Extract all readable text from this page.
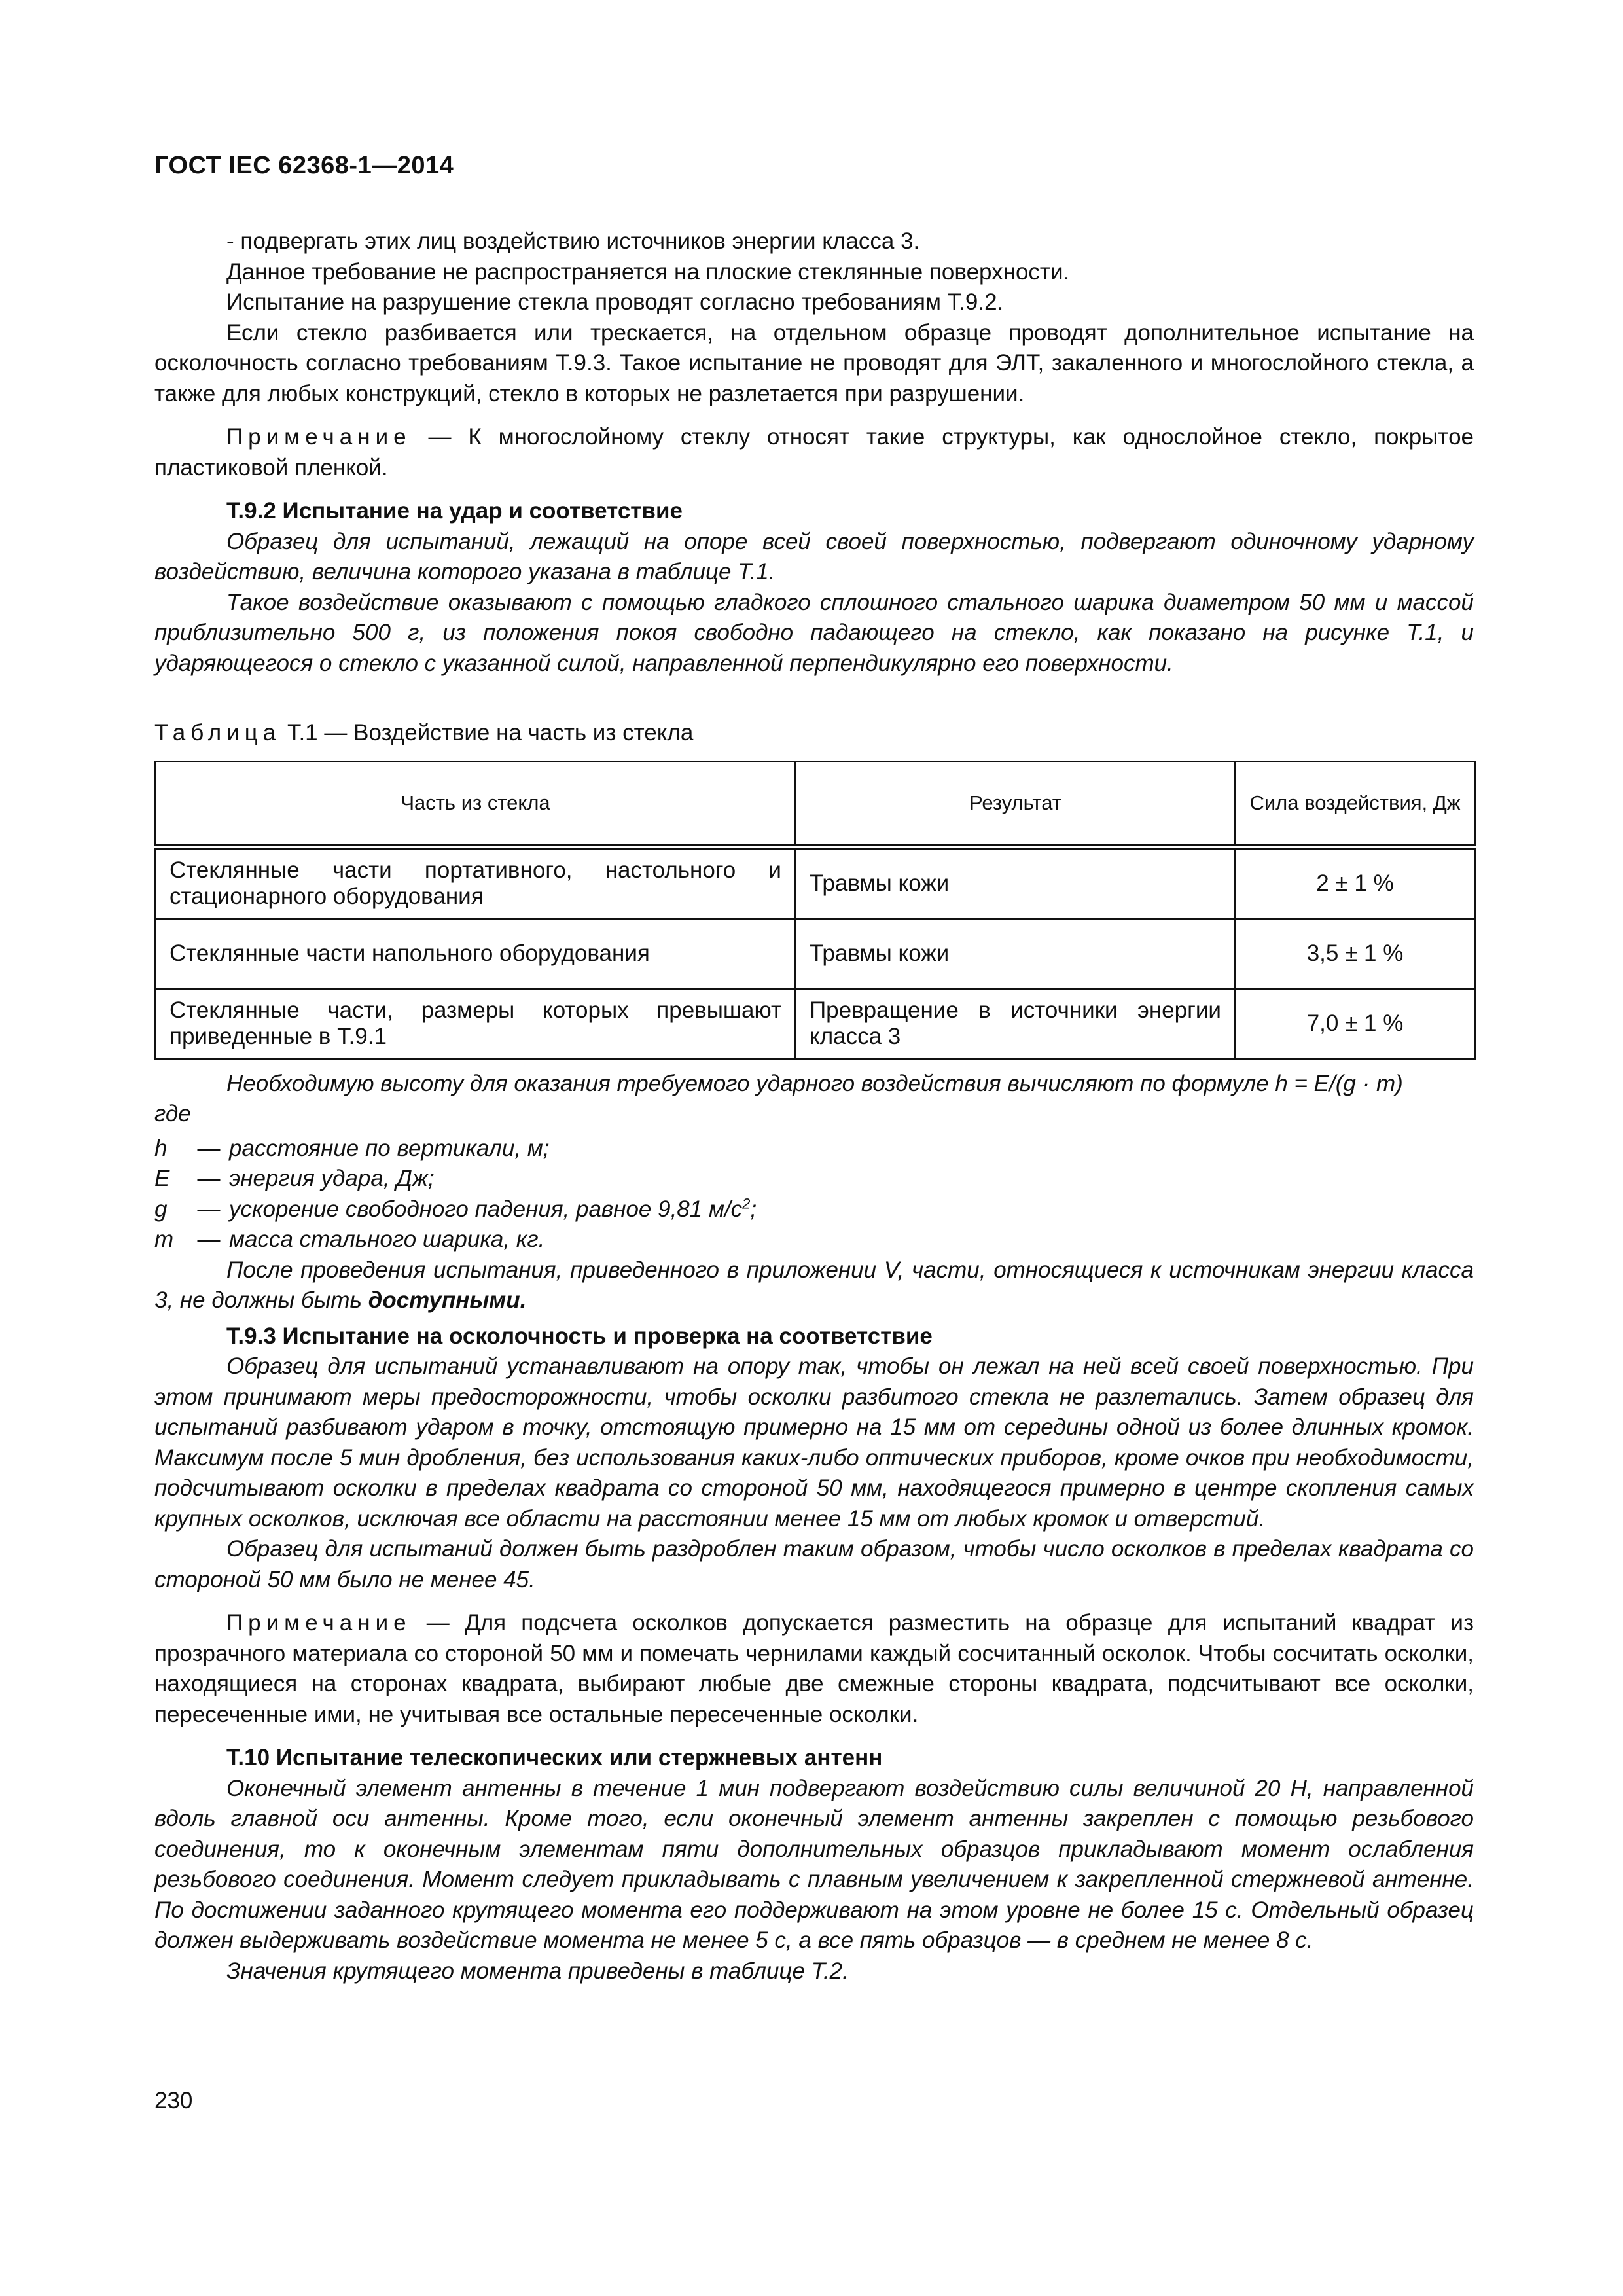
ГОСТ IEC 62368-1—2014

- подвергать этих лиц воздействию источников энергии класса 3.

Данное требование не распространяется на плоские стеклянные поверхности.

Испытание на разрушение стекла проводят согласно требованиям Т.9.2.

Если стекло разбивается или трескается, на отдельном образце проводят дополнительное испытание на осколочность согласно требованиям Т.9.3. Такое испытание не проводят для ЭЛТ, закаленного и многослойного стекла, а также для любых конструкций, стекло в которых не разлетается при разрушении.

Примечание — К многослойному стеклу относят такие структуры, как однослойное стекло, покрытое пластиковой пленкой.

Т.9.2 Испытание на удар и соответствие

Образец для испытаний, лежащий на опоре всей своей поверхностью, подвергают одиночному ударному воздействию, величина которого указана в таблице Т.1.

Такое воздействие оказывают с помощью гладкого сплошного стального шарика диаметром 50 мм и массой приблизительно 500 г, из положения покоя свободно падающего на стекло, как показано на рисунке Т.1, и ударяющегося о стекло с указанной силой, направленной перпендикулярно его поверхности.

Таблица Т.1 — Воздействие на часть из стекла

Часть из стекла	Результат	Сила воздействия, Дж
Стеклянные части портативного, настольного и стационарного оборудования	Травмы кожи	2 ± 1 %
Стеклянные части напольного оборудования	Травмы кожи	3,5 ± 1 %
Стеклянные части, размеры которых превышают приведенные в Т.9.1	Превращение в источники энергии класса 3	7,0 ± 1 %

Необходимую высоту для оказания требуемого ударного воздействия вычисляют по формуле h = E/(g · m)

где

h	— расстояние по вертикали, м;
E	— энергия удара, Дж;
g	— ускорение свободного падения, равное 9,81 $м/с^2$;
m	— масса стального шарика, кг.

После проведения испытания, приведенного в приложении V, части, относящиеся к источникам энергии класса 3, не должны быть доступными.

Т.9.3 Испытание на осколочность и проверка на соответствие

Образец для испытаний устанавливают на опору так, чтобы он лежал на ней всей своей поверхностью. При этом принимают меры предосторожности, чтобы осколки разбитого стекла не разлетались. Затем образец для испытаний разбивают ударом в точку, отстоящую примерно на 15 мм от середины одной из более длинных кромок. Максимум после 5 мин дробления, без использования каких-либо оптических приборов, кроме очков при необходимости, подсчитывают осколки в пределах квадрата со стороной 50 мм, находящегося примерно в центре скопления самых крупных осколков, исключая все области на расстоянии менее 15 мм от любых кромок и отверстий.

Образец для испытаний должен быть раздроблен таким образом, чтобы число осколков в пределах квадрата со стороной 50 мм было не менее 45.

Примечание — Для подсчета осколков допускается разместить на образце для испытаний квадрат из прозрачного материала со стороной 50 мм и помечать чернилами каждый сосчитанный осколок. Чтобы сосчитать осколки, находящиеся на сторонах квадрата, выбирают любые две смежные стороны квадрата, подсчитывают все осколки, пересеченные ими, не учитывая все остальные пересеченные осколки.

Т.10 Испытание телескопических или стержневых антенн

Оконечный элемент антенны в течение 1 мин подвергают воздействию силы величиной 20 Н, направленной вдоль главной оси антенны. Кроме того, если оконечный элемент антенны закреплен с помощью резьбового соединения, то к оконечным элементам пяти дополнительных образцов прикладывают момент ослабления резьбового соединения. Момент следует прикладывать с плавным увеличением к закрепленной стержневой антенне. По достижении заданного крутящего момента его поддерживают на этом уровне не более 15 с. Отдельный образец должен выдерживать воздействие момента не менее 5 с, а все пять образцов — в среднем не менее 8 с.

Значения крутящего момента приведены в таблице Т.2.

230
